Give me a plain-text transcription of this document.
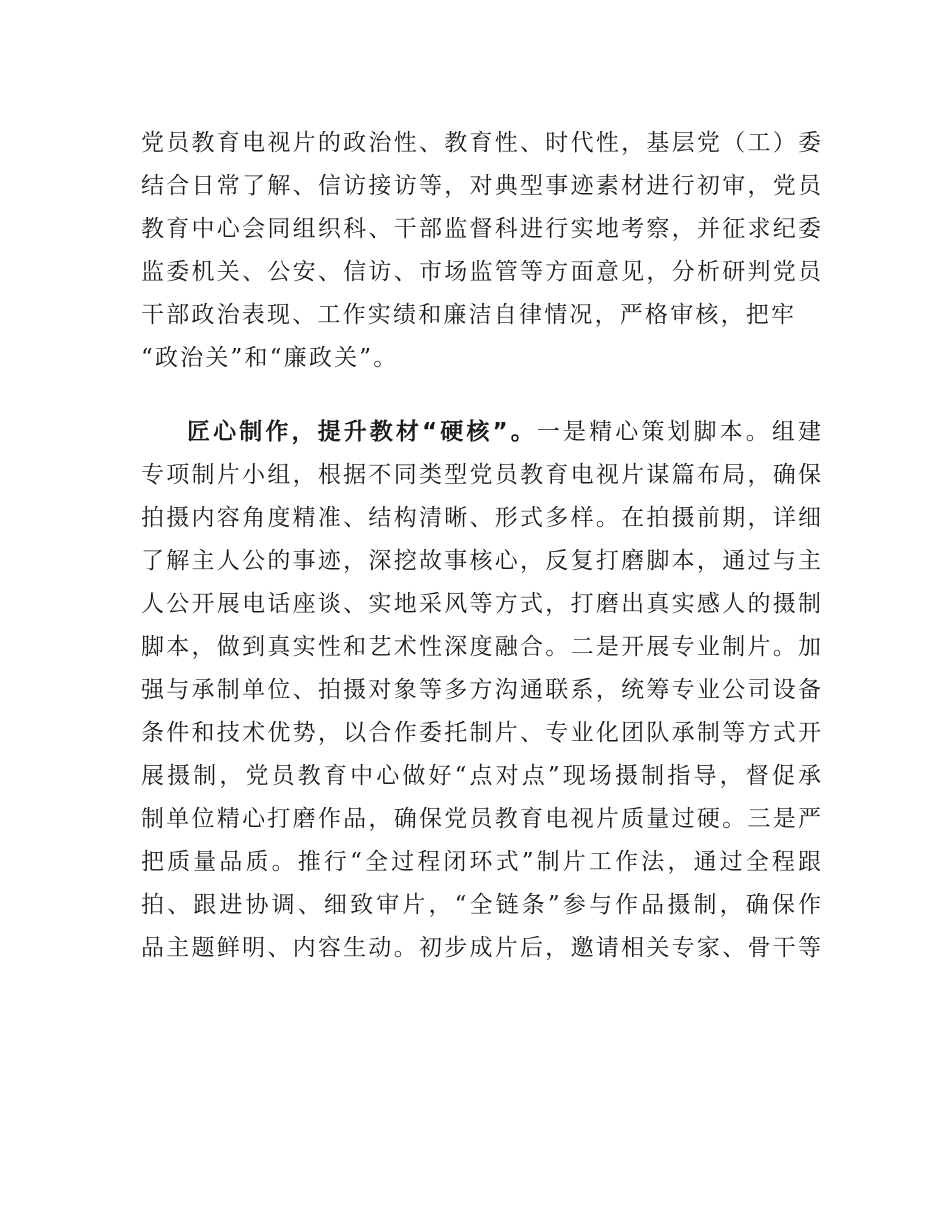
党员教育电视片的政治性、教育性、时代性，基层党（工）委
结合日常了解、信访接访等，对典型事迹素材进行初审，党员
教育中心会同组织科、干部监督科进行实地考察，并征求纪委
监委机关、公安、信访、市场监管等方面意见，分析研判党员
干部政治表现、工作实绩和廉洁自律情况，严格审核，把牢
“政治关”和“廉政关”。
匠心制作，提升教材“硬核”。一是精心策划脚本。组建
专项制片小组，根据不同类型党员教育电视片谋篇布局，确保
拍摄内容角度精准、结构清晰、形式多样。在拍摄前期，详细
了解主人公的事迹，深挖故事核心，反复打磨脚本，通过与主
人公开展电话座谈、实地采风等方式，打磨出真实感人的摄制
脚本，做到真实性和艺术性深度融合。二是开展专业制片。加
强与承制单位、拍摄对象等多方沟通联系，统筹专业公司设备
条件和技术优势，以合作委托制片、专业化团队承制等方式开
展摄制，党员教育中心做好“点对点”现场摄制指导，督促承
制单位精心打磨作品，确保党员教育电视片质量过硬。三是严
把质量品质。推行“全过程闭环式”制片工作法，通过全程跟
拍、跟进协调、细致审片，“全链条”参与作品摄制，确保作
品主题鲜明、内容生动。初步成片后，邀请相关专家、骨干等
